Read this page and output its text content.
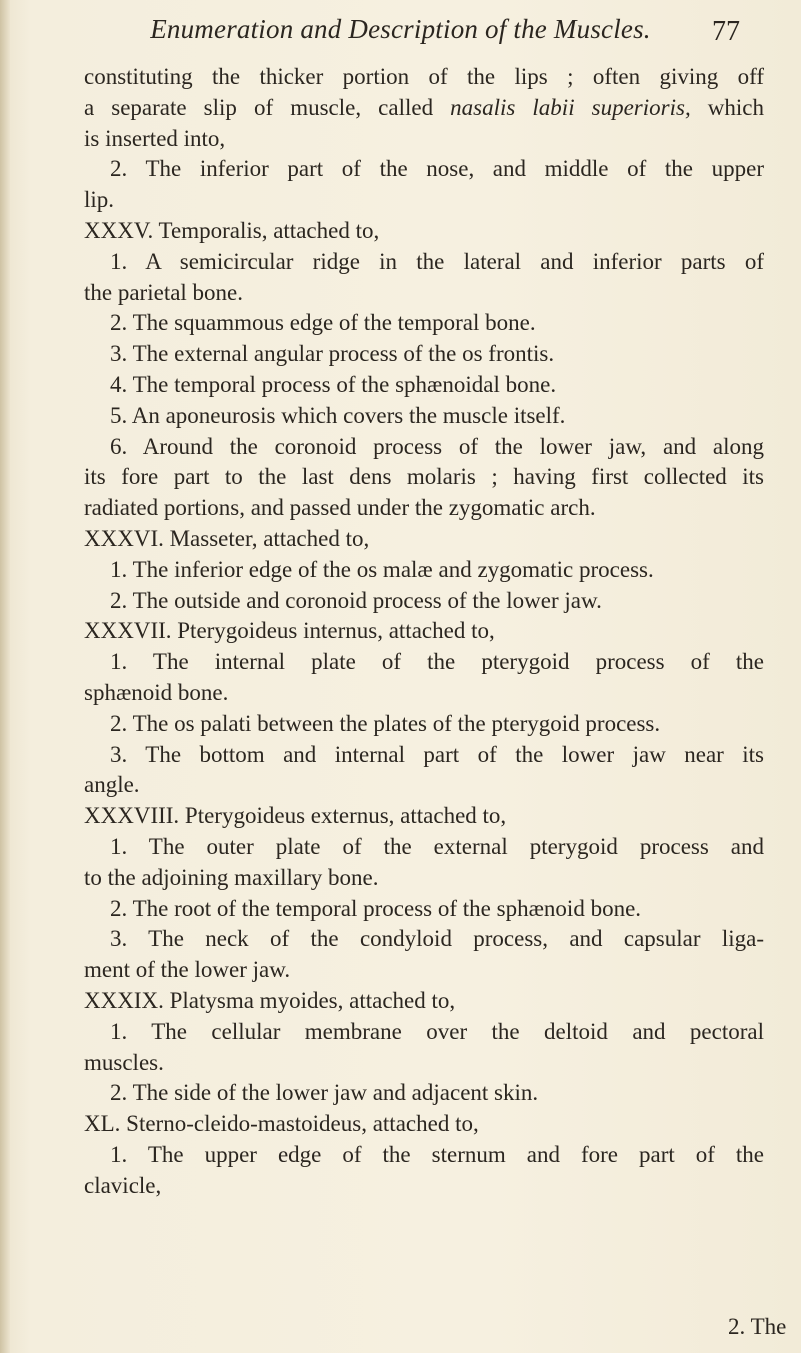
Enumeration and Description of the Muscles.	77
constituting the thicker portion of the lips ; often giving off
a separate slip of muscle, called nasalis labii superioris, which
is inserted into,
2. The inferior part of the nose, and middle of the upper
lip.
XXXV. Temporalis, attached to,
1. A semicircular ridge in the lateral and inferior parts of
the parietal bone.
2. The squammous edge of the temporal bone.
3. The external angular process of the os frontis.
4. The temporal process of the sphænoidal bone.
5. An aponeurosis which covers the muscle itself.
6. Around the coronoid process of the lower jaw, and along
its fore part to the last dens molaris ; having first collected its
radiated portions, and passed under the zygomatic arch.
XXXVI. Masseter, attached to,
1. The inferior edge of the os malæ and zygomatic process.
2. The outside and coronoid process of the lower jaw.
XXXVII. Pterygoideus internus, attached to,
1. The internal plate of the pterygoid process of the
sphænoid bone.
2. The os palati between the plates of the pterygoid process.
3. The bottom and internal part of the lower jaw near its
angle.
XXXVIII. Pterygoideus externus, attached to,
1. The outer plate of the external pterygoid process and
to the adjoining maxillary bone.
2. The root of the temporal process of the sphænoid bone.
3. The neck of the condyloid process, and capsular liga-
ment of the lower jaw.
XXXIX. Platysma myoides, attached to,
1. The cellular membrane over the deltoid and pectoral
muscles.
2. The side of the lower jaw and adjacent skin.
XL. Sterno-cleido-mastoideus, attached to,
1. The upper edge of the sternum and fore part of the
clavicle,
2. The
